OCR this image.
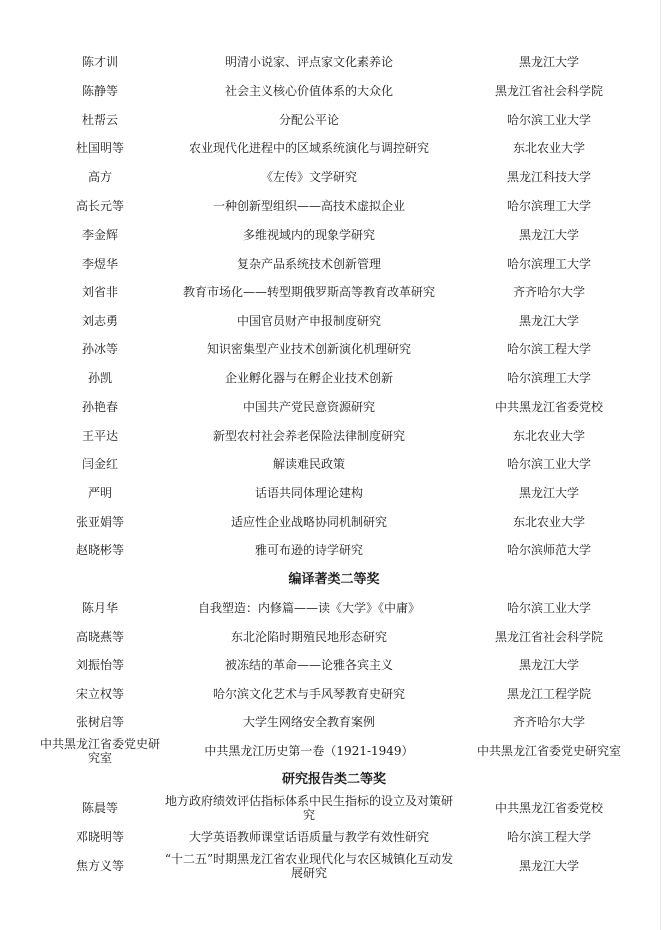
陈才训	明清小说家、评点家文化素养论	黑龙江大学
陈静等	社会主义核心价值体系的大众化	黑龙江省社会科学院
杜帮云	分配公平论	哈尔滨工业大学
杜国明等	农业现代化进程中的区域系统演化与调控研究	东北农业大学
高方	《左传》文学研究	黑龙江科技大学
高长元等	一种创新型组织——高技术虚拟企业	哈尔滨理工大学
李金辉	多维视域内的现象学研究	黑龙江大学
李煜华	复杂产品系统技术创新管理	哈尔滨理工大学
刘省非	教育市场化——转型期俄罗斯高等教育改革研究	齐齐哈尔大学
刘志勇	中国官员财产申报制度研究	黑龙江大学
孙冰等	知识密集型产业技术创新演化机理研究	哈尔滨工程大学
孙凯	企业孵化器与在孵企业技术创新	哈尔滨理工大学
孙艳春	中国共产党民意资源研究	中共黑龙江省委党校
王平达	新型农村社会养老保险法律制度研究	东北农业大学
闫金红	解读难民政策	哈尔滨工业大学
严明	话语共同体理论建构	黑龙江大学
张亚娟等	适应性企业战略协同机制研究	东北农业大学
赵晓彬等	雅可布逊的诗学研究	哈尔滨师范大学
编译著类二等奖
陈月华	自我塑造：内修篇——读《大学》《中庸》	哈尔滨工业大学
高晓燕等	东北沦陷时期殖民地形态研究	黑龙江省社会科学院
刘振怡等	被冻结的革命——论雅各宾主义	黑龙江大学
宋立权等	哈尔滨文化艺术与手风琴教育史研究	黑龙江工程学院
张树启等	大学生网络安全教育案例	齐齐哈尔大学
中共黑龙江省委党史研究室	中共黑龙江历史第一卷（1921-1949）	中共黑龙江省委党史研究室
研究报告类二等奖
陈晨等	地方政府绩效评估指标体系中民生指标的设立及对策研究	中共黑龙江省委党校
邓晓明等	大学英语教师课堂话语质量与教学有效性研究	哈尔滨工程大学
焦方义等	“十二五”时期黑龙江省农业现代化与农区城镇化互动发展研究	黑龙江大学
